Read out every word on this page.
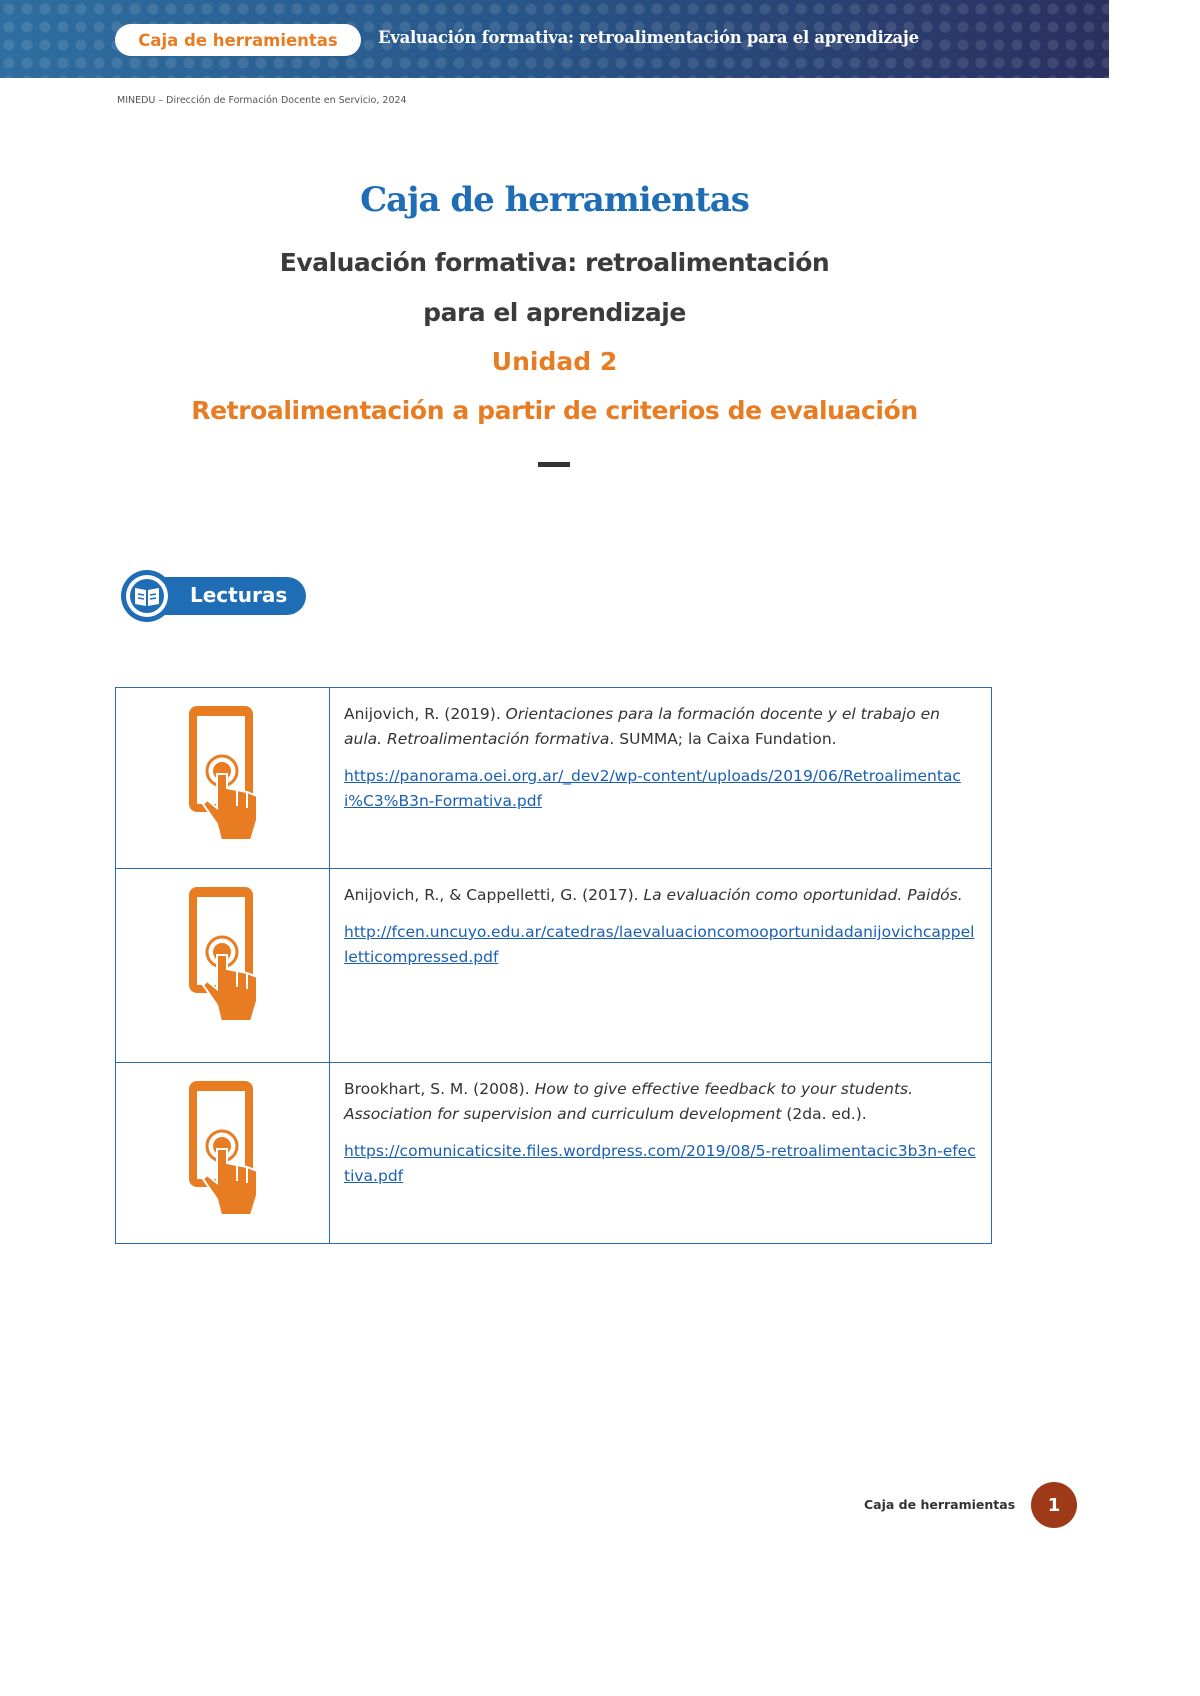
Caja de herramientas Evaluación formativa: retroalimentación para el aprendizaje
MINEDU – Dirección de Formación Docente en Servicio, 2024
Caja de herramientas
Evaluación formativa: retroalimentación
para el aprendizaje
Unidad 2
Retroalimentación a partir de criterios de evaluación
Lecturas

Anijovich, R. (2019). Orientaciones para la formación docente y el trabajo en aula. Retroalimentación formativa. SUMMA; la Caixa Fundation.

https://panorama.oei.org.ar/_dev2/wp-content/uploads/2019/06/Retroalimentaci%C3%B3n-Formativa.pdf

Anijovich, R., & Cappelletti, G. (2017). La evaluación como oportunidad. Paidós.

http://fcen.uncuyo.edu.ar/catedras/laevaluacioncomooportunidadanijovichcappelletticompressed.pdf

Brookhart, S. M. (2008). How to give effective feedback to your students. Association for supervision and curriculum development (2da. ed.).

https://comunicaticsite.files.wordpress.com/2019/08/5-retroalimentacic3b3n-efectiva.pdf
Caja de herramientas	1
